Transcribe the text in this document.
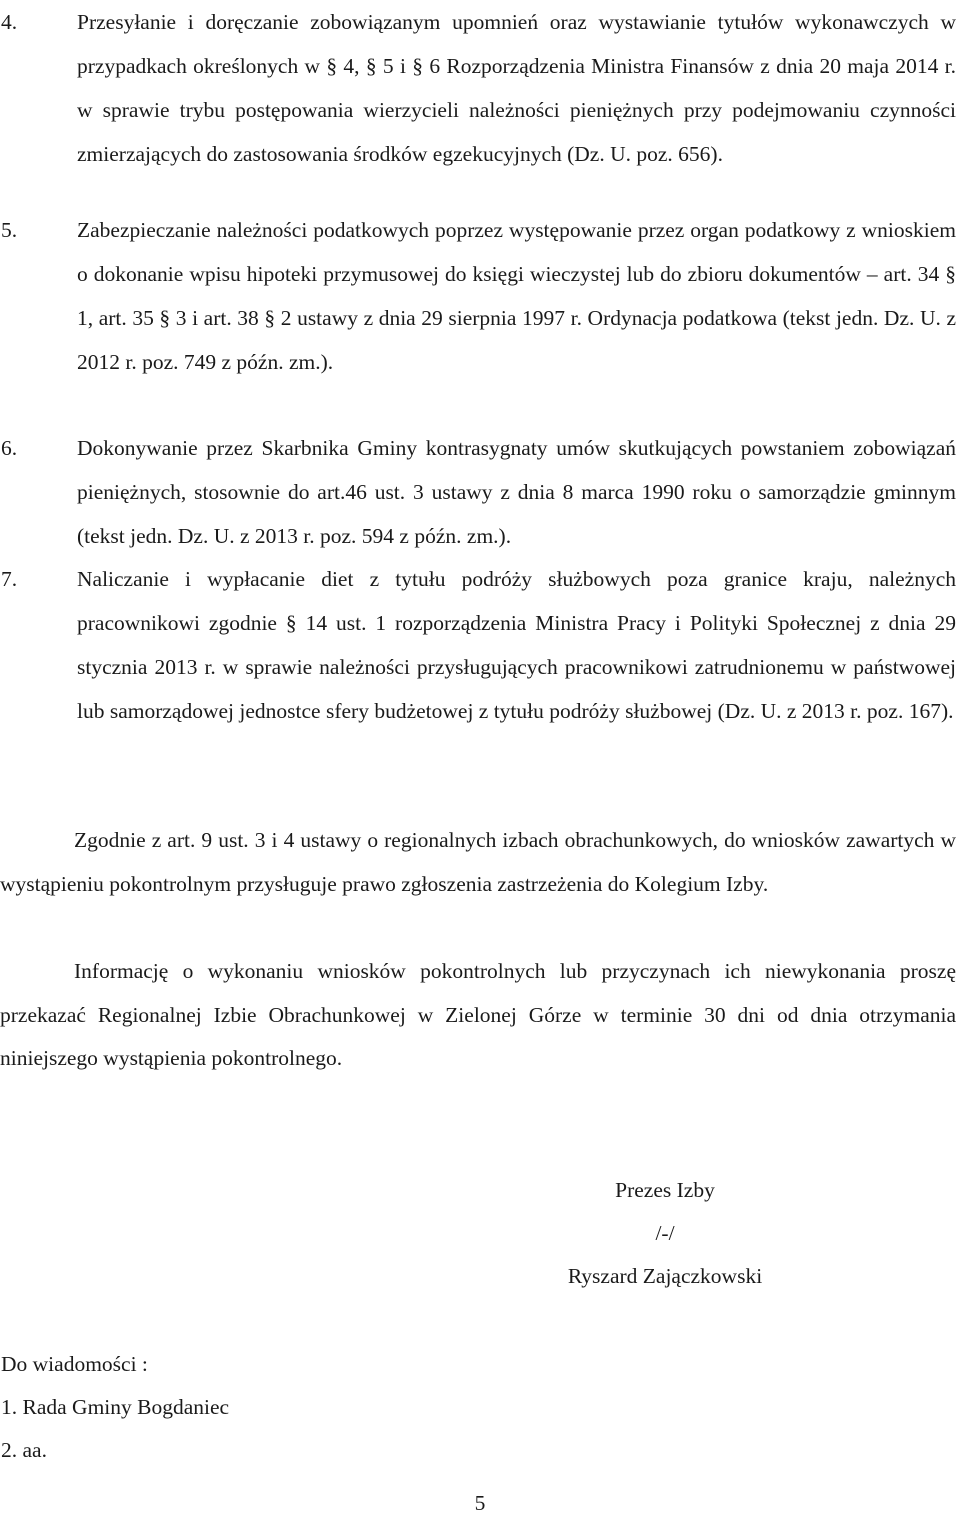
4.	Przesyłanie i doręczanie zobowiązanym upomnień oraz wystawianie tytułów wykonawczych w przypadkach określonych w § 4, § 5 i § 6 Rozporządzenia Ministra Finansów z dnia 20 maja 2014 r. w sprawie trybu postępowania wierzycieli należności pieniężnych przy podejmowaniu czynności zmierzających do zastosowania środków egzekucyjnych (Dz. U. poz. 656).
5.	Zabezpieczanie należności podatkowych poprzez występowanie przez organ podatkowy z wnioskiem o dokonanie wpisu hipoteki przymusowej do księgi wieczystej lub do zbioru dokumentów – art. 34 § 1, art. 35 § 3 i art. 38 § 2 ustawy z dnia 29 sierpnia 1997 r. Ordynacja podatkowa (tekst jedn. Dz. U. z 2012 r. poz. 749 z późn. zm.).
6.	Dokonywanie przez Skarbnika Gminy kontrasygnaty umów skutkujących powstaniem zobowiązań pieniężnych, stosownie do art.46 ust. 3 ustawy z dnia 8 marca 1990 roku o samorządzie gminnym (tekst jedn. Dz. U. z 2013 r. poz. 594 z późn. zm.).
7.	Naliczanie i wypłacanie diet z tytułu podróży służbowych poza granice kraju, należnych pracownikowi zgodnie § 14 ust. 1 rozporządzenia Ministra Pracy i Polityki Społecznej z dnia 29 stycznia 2013 r. w sprawie należności przysługujących pracownikowi zatrudnionemu w państwowej lub samorządowej jednostce sfery budżetowej z tytułu podróży służbowej (Dz. U. z 2013 r. poz. 167).
Zgodnie z art. 9 ust. 3 i 4 ustawy o regionalnych izbach obrachunkowych, do wniosków zawartych w wystąpieniu pokontrolnym przysługuje prawo zgłoszenia zastrzeżenia do Kolegium Izby.
Informację o wykonaniu wniosków pokontrolnych lub przyczynach ich niewykonania proszę przekazać Regionalnej Izbie Obrachunkowej w Zielonej Górze w terminie 30 dni od dnia otrzymania niniejszego wystąpienia pokontrolnego.
Prezes Izby
/-/
Ryszard Zajączkowski
Do wiadomości :
1. Rada Gminy Bogdaniec
2. aa.
5
